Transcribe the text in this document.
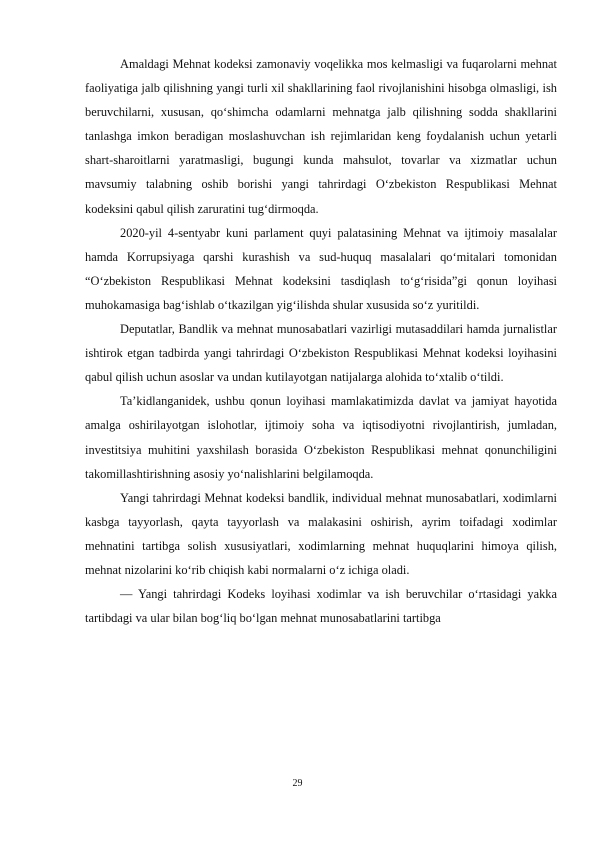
Amaldagi Mehnat kodeksi zamonaviy voqelikka mos kelmasligi va fuqarolarni mehnat faoliyatiga jalb qilishning yangi turli xil shakllarining faol rivojlanishini hisobga olmasligi, ish beruvchilarni, xususan, qo‘shimcha odamlarni mehnatga jalb qilishning sodda shakllarini tanlashga imkon beradigan moslashuvchan ish rejimlaridan keng foydalanish uchun yetarli shart-sharoitlarni yaratmasligi, bugungi kunda mahsulot, tovarlar va xizmatlar uchun mavsumiy talabning oshib borishi yangi tahrirdagi O‘zbekiston Respublikasi Mehnat kodeksini qabul qilish zaruratini tug‘dirmoqda.

2020-yil 4-sentyabr kuni parlament quyi palatasining Mehnat va ijtimoiy masalalar hamda Korrupsiyaga qarshi kurashish va sud-huquq masalalari qo‘mitalari tomonidan “O‘zbekiston Respublikasi Mehnat kodeksini tasdiqlash to‘g‘risida”gi qonun loyihasi muhokamasiga bag‘ishlab o‘tkazilgan yig‘ilishda shular xususida so‘z yuritildi.

Deputatlar, Bandlik va mehnat munosabatlari vazirligi mutasaddilari hamda jurnalistlar ishtirok etgan tadbirda yangi tahrirdagi O‘zbekiston Respublikasi Mehnat kodeksi loyihasini qabul qilish uchun asoslar va undan kutilayotgan natijalarga alohida to‘xtalib o‘tildi.

Ta’kidlanganidek, ushbu qonun loyihasi mamlakatimizda davlat va jamiyat hayotida amalga oshirilayotgan islohotlar, ijtimoiy soha va iqtisodiyotni rivojlantirish, jumladan, investitsiya muhitini yaxshilash borasida O‘zbekiston Respublikasi mehnat qonunchiligini takomillashtirishning asosiy yo‘nalishlarini belgilamoqda.

Yangi tahrirdagi Mehnat kodeksi bandlik, individual mehnat munosabatlari, xodimlarni kasbga tayyorlash, qayta tayyorlash va malakasini oshirish, ayrim toifadagi xodimlar mehnatini tartibga solish xususiyatlari, xodimlarning mehnat huquqlarini himoya qilish, mehnat nizolarini ko‘rib chiqish kabi normalarni o‘z ichiga oladi.

— Yangi tahrirdagi Kodeks loyihasi xodimlar va ish beruvchilar o‘rtasidagi yakka tartibdagi va ular bilan bog‘liq bo‘lgan mehnat munosabatlarini tartibga

29
